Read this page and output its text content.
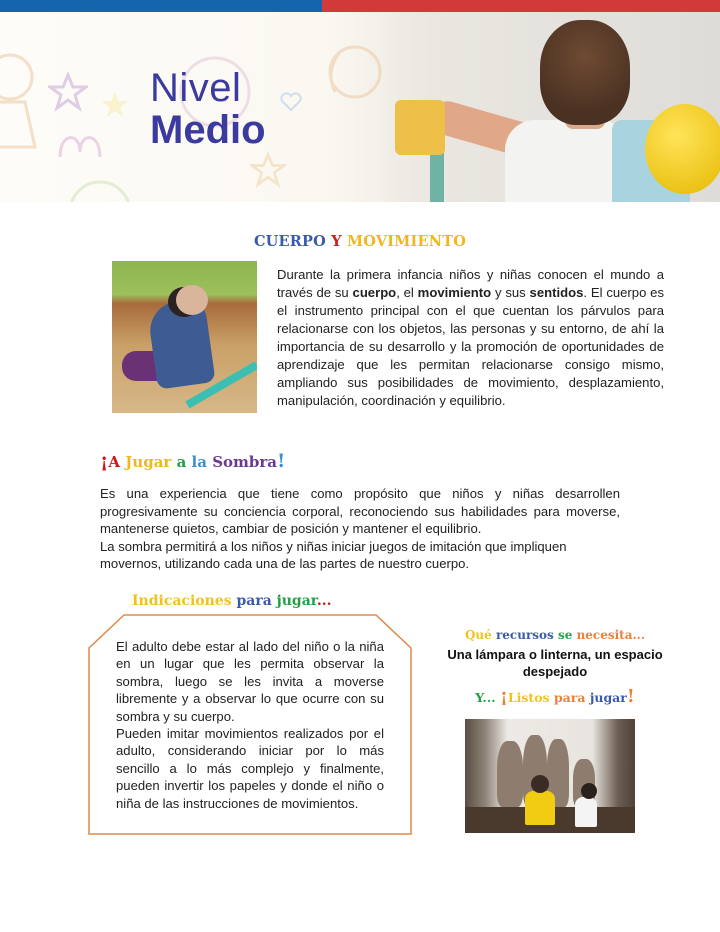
Nivel
Medio
CUERPO Y MOVIMIENTO
Durante la primera infancia niños y niñas conocen el mundo a través de su cuerpo, el movimiento y sus sentidos. El cuerpo es el instrumento principal con el que cuentan los párvulos para relacionarse con los objetos, las personas y su entorno, de ahí la importancia de su desarrollo y la promoción de oportunidades de aprendizaje que les permitan relacionarse consigo mismo, ampliando sus posibilidades de movimiento, desplazamiento, manipulación, coordinación y equilibrio.
¡A Jugar a la Sombra!

Es una experiencia que tiene como propósito que niños y niñas desarrollen progresivamente su conciencia corporal, reconociendo sus habilidades para moverse, mantenerse quietos, cambiar de posición y mantener el equilibrio.

La sombra permitirá a los niños y niñas iniciar juegos de imitación que impliquen movernos, utilizando cada una de las partes de nuestro cuerpo.

Indicaciones para jugar...

El adulto debe estar al lado del niño o la niña en un lugar que les permita observar la sombra, luego se les invita a moverse libremente y a observar lo que ocurre con su sombra y su cuerpo.

Pueden imitar movimientos realizados por el adulto, considerando iniciar por lo más sencillo a lo más complejo y finalmente, pueden invertir los papeles y donde el niño o niña de las instrucciones de movimientos.

Qué recursos se necesita...
Una lámpara o linterna, un espacio despejado
Y... ¡Listos para jugar!
